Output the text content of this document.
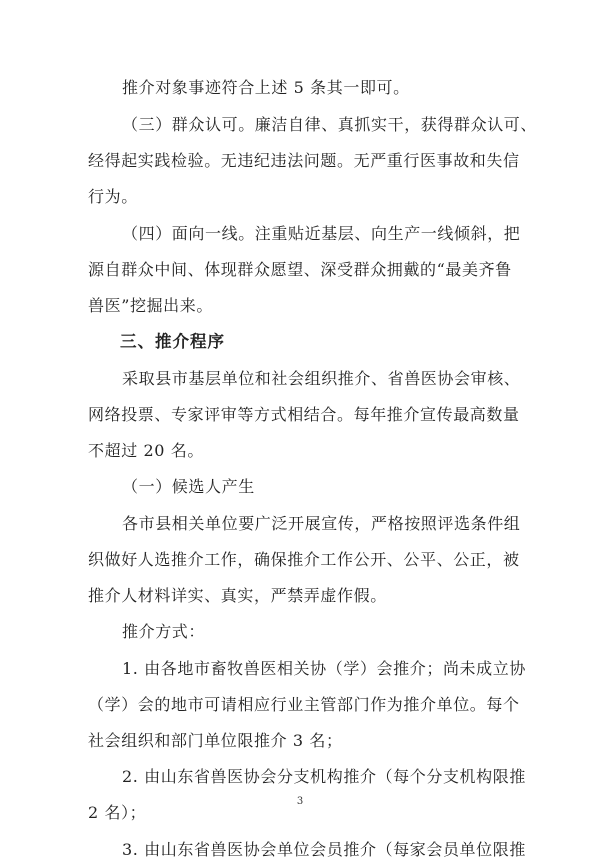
推介对象事迹符合上述 5 条其一即可。
（三）群众认可。廉洁自律、真抓实干，获得群众认可、
经得起实践检验。无违纪违法问题。无严重行医事故和失信
行为。
（四）面向一线。注重贴近基层、向生产一线倾斜，把
源自群众中间、体现群众愿望、深受群众拥戴的“最美齐鲁
兽医”挖掘出来。
三、推介程序
采取县市基层单位和社会组织推介、省兽医协会审核、
网络投票、专家评审等方式相结合。每年推介宣传最高数量
不超过 20 名。
（一）候选人产生
各市县相关单位要广泛开展宣传，严格按照评选条件组
织做好人选推介工作，确保推介工作公开、公平、公正，被
推介人材料详实、真实，严禁弄虚作假。
推介方式：
1. 由各地市畜牧兽医相关协（学）会推介；尚未成立协
（学）会的地市可请相应行业主管部门作为推介单位。每个
社会组织和部门单位限推介 3 名；
2. 由山东省兽医协会分支机构推介（每个分支机构限推
2 名）；
3. 由山东省兽医协会单位会员推介（每家会员单位限推
3
